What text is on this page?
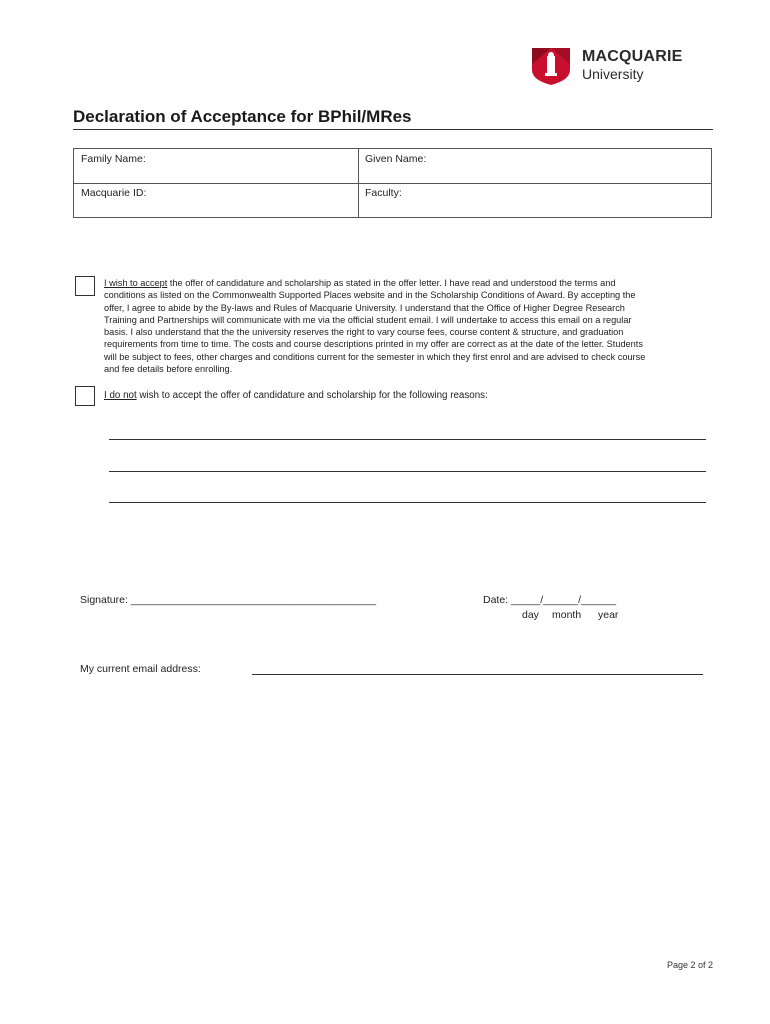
MACQUARIE
University
Declaration of Acceptance for BPhil/MRes
Family Name:	Given Name:
Macquarie ID:	Faculty:
I wish to accept the offer of candidature and scholarship as stated in the offer letter. I have read and understood the terms and
conditions as listed on the Commonwealth Supported Places website and in the Scholarship Conditions of Award. By accepting the
offer, I agree to abide by the By-laws and Rules of Macquarie University. I understand that the Office of Higher Degree Research
Training and Partnerships will communicate with me via the official student email. I will undertake to access this email on a regular
basis. I also understand that the the university reserves the right to vary course fees, course content & structure, and graduation
requirements from time to time. The costs and course descriptions printed in my offer are correct as at the date of the letter. Students
will be subject to fees, other charges and conditions current for the semester in which they first enrol and are advised to check course
and fee details before enrolling.
I do not wish to accept the offer of candidature and scholarship for the following reasons:
Signature: __________________________________________	Date: _____/______/______
day month year
My current email address:
Page 2 of 2
